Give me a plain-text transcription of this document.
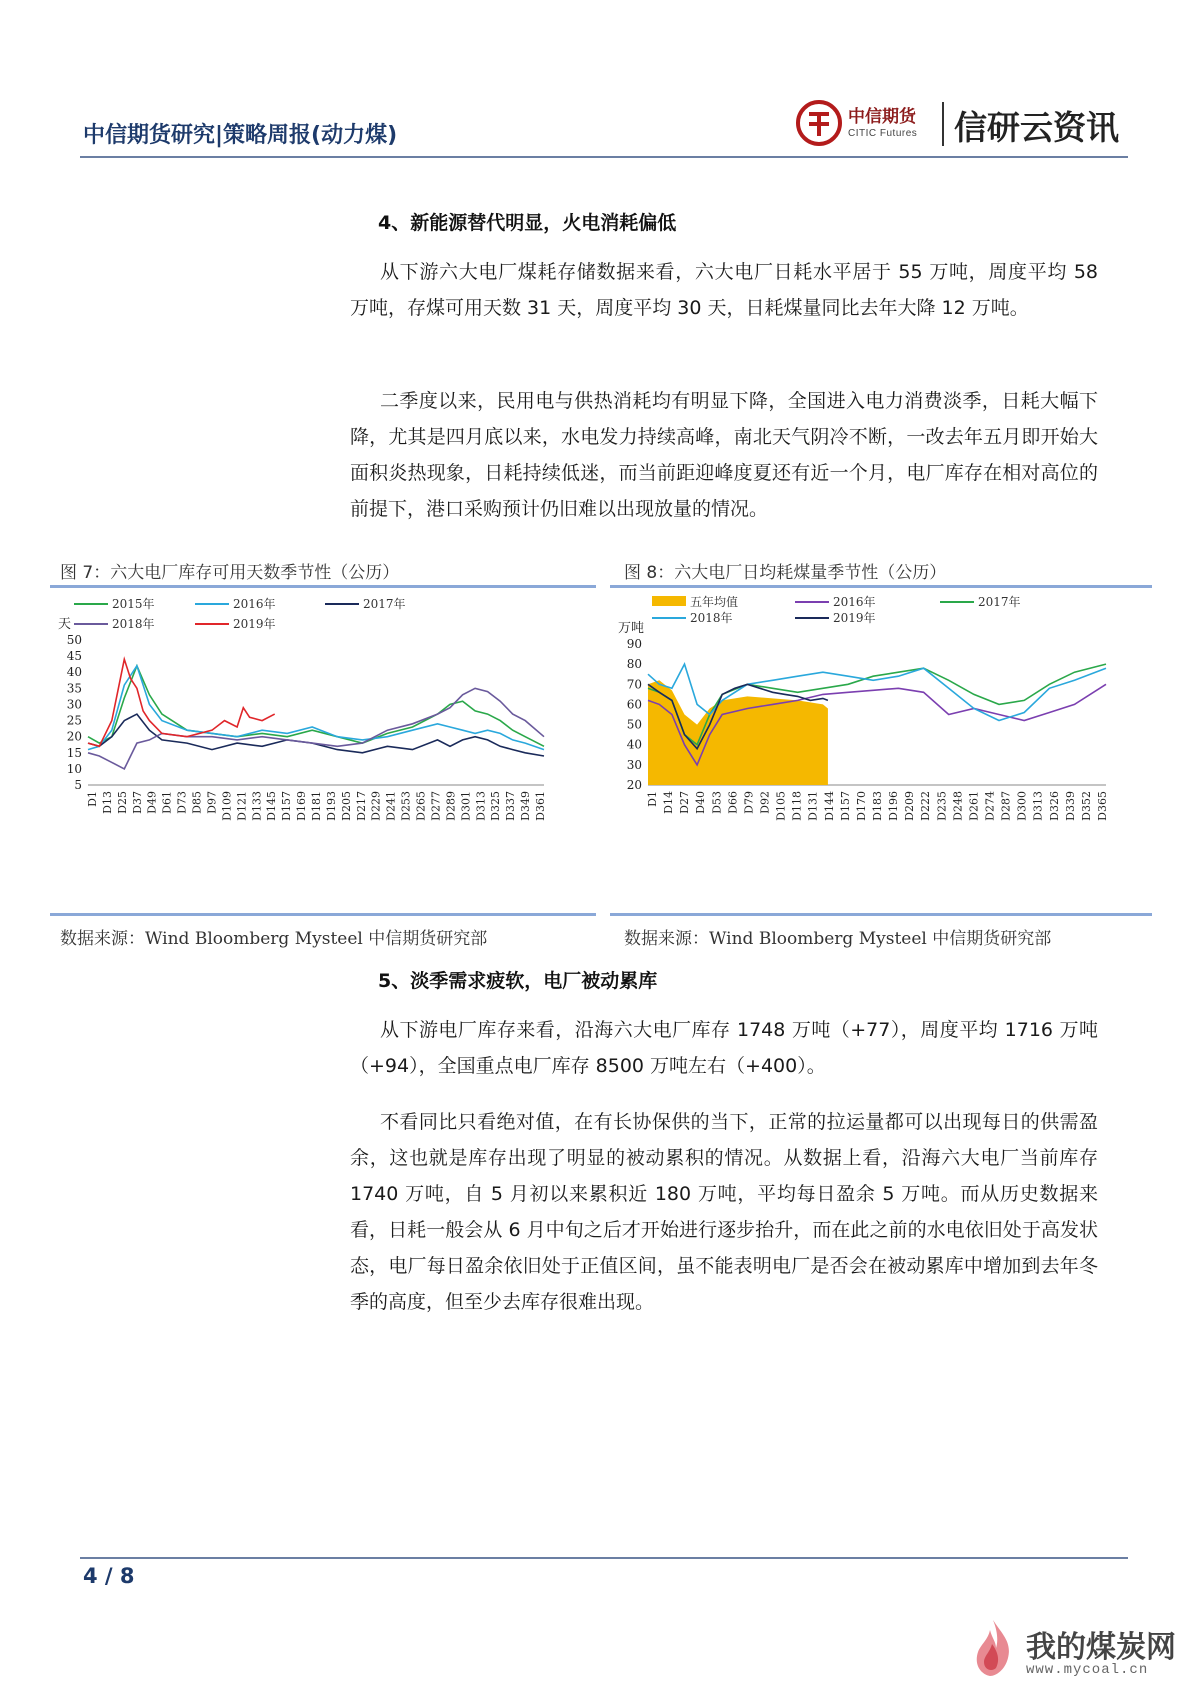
中信期货研究|策略周报(动力煤)
中信期货
CITIC Futures 信研云资讯
4、新能源替代明显，火电消耗偏低

从下游六大电厂煤耗存储数据来看，六大电厂日耗水平居于 55 万吨，周度平均 58 万吨，存煤可用天数 31 天，周度平均 30 天，日耗煤量同比去年大降 12 万吨。

二季度以来，民用电与供热消耗均有明显下降，全国进入电力消费淡季，日耗大幅下降，尤其是四月底以来，水电发力持续高峰，南北天气阴冷不断，一改去年五月即开始大面积炎热现象，日耗持续低迷，而当前距迎峰度夏还有近一个月，电厂库存在相对高位的前提下，港口采购预计仍旧难以出现放量的情况。

图 7：六大电厂库存可用天数季节性（公历）	图 8：六大电厂日均耗煤量季节性（公历）
2015年	2016年	2017年
2018年	2019年
天
5
10
15
20
25
30
35
40
45
50
D1 D13 D25 D37 D49 D61 D73 D85 D97 D109 D121 D133 D145 D157 D169 D181 D193 D205 D217 D229 D241 D253 D265 D277 D289 D301 D313 D325 D337 D349 D361
五年均值	2016年	2017年
2018年	2019年
万吨
20
30
40
50
60
70
80
90
D1 D14 D27 D40 D53 D66 D79 D92 D105 D118 D131 D144 D157 D170 D183 D196 D209 D222 D235 D248 D261 D274 D287 D300 D313 D326 D339 D352 D365
数据来源：Wind Bloomberg Mysteel 中信期货研究部	数据来源：Wind Bloomberg Mysteel 中信期货研究部
5、淡季需求疲软，电厂被动累库

从下游电厂库存来看，沿海六大电厂库存 1748 万吨（+77），周度平均 1716 万吨（+94），全国重点电厂库存 8500 万吨左右（+400）。

不看同比只看绝对值，在有长协保供的当下，正常的拉运量都可以出现每日的供需盈余，这也就是库存出现了明显的被动累积的情况。从数据上看，沿海六大电厂当前库存 1740 万吨，自 5 月初以来累积近 180 万吨，平均每日盈余 5 万吨。而从历史数据来看，日耗一般会从 6 月中旬之后才开始进行逐步抬升，而在此之前的水电依旧处于高发状态，电厂每日盈余依旧处于正值区间，虽不能表明电厂是否会在被动累库中增加到去年冬季的高度，但至少去库存很难出现。

4 / 8
我的煤炭网
www.mycoal.cn
